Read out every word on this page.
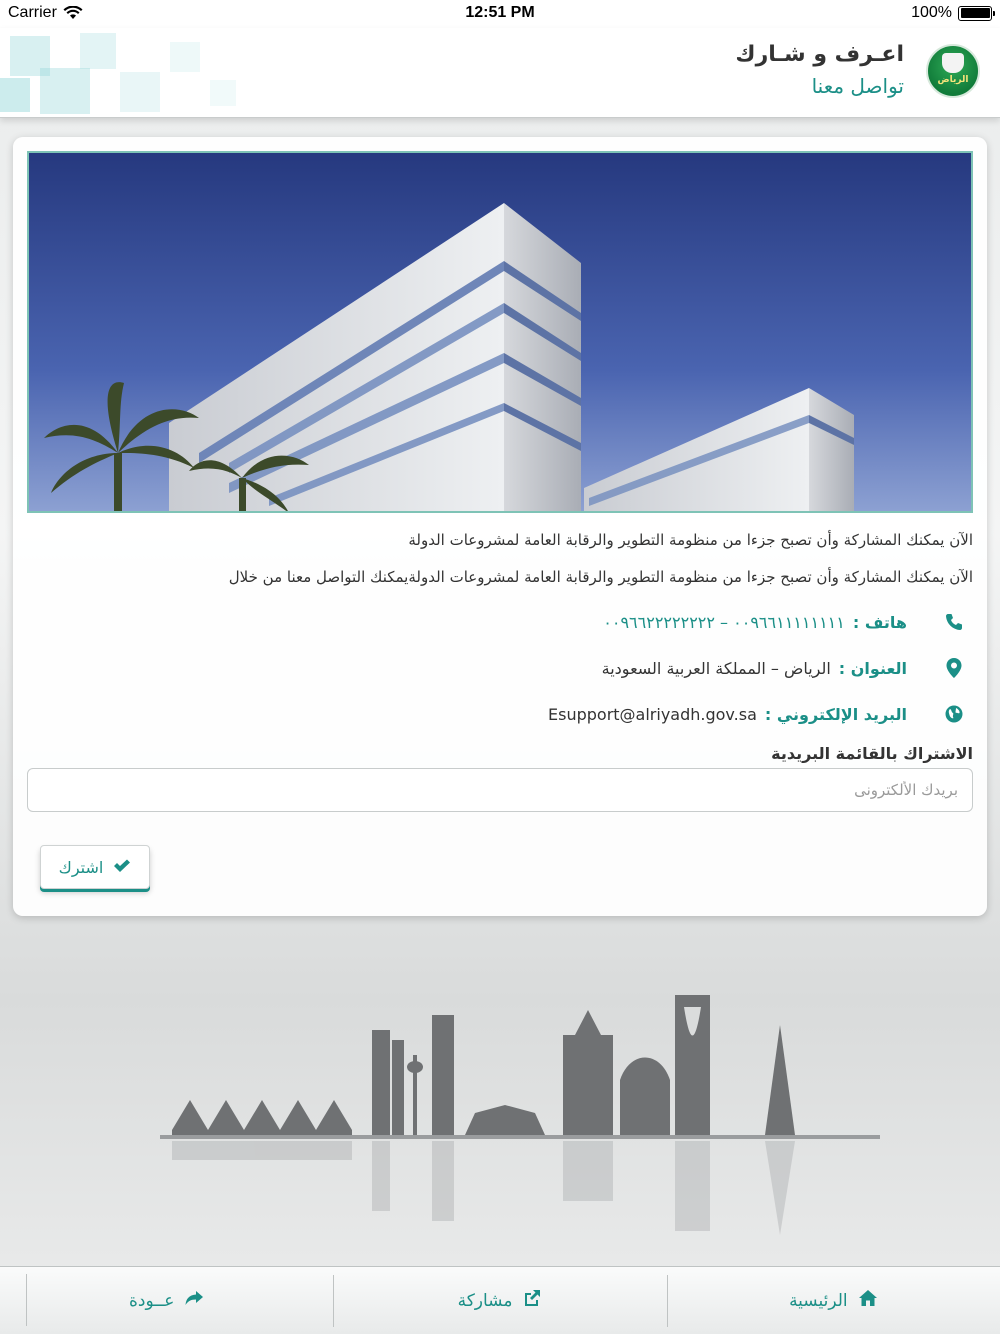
Carrier	12:51 PM	100%
الرياض
اعـرف و شـارك
تواصل معنا
الآن يمكنك المشاركة وأن تصبح جزءا من منظومة التطوير والرقابة العامة لمشروعات الدولة
الآن يمكنك المشاركة وأن تصبح جزءا من منظومة التطوير والرقابة العامة لمشروعات الدولةيمكنك التواصل معنا من خلال
هاتف :
٠٠٩٦٦١١١١١١١١ – ٠٠٩٦٦٢٢٢٢٢٢٢٢
العنوان :
الرياض – المملكة العربية السعودية
البريد الإلكتروني :
Esupport@alriyadh.gov.sa
الاشتراك بالقائمة البريدية
بريدك الألكترونى
اشترك
الرئيسية
مشاركة
عــودة
